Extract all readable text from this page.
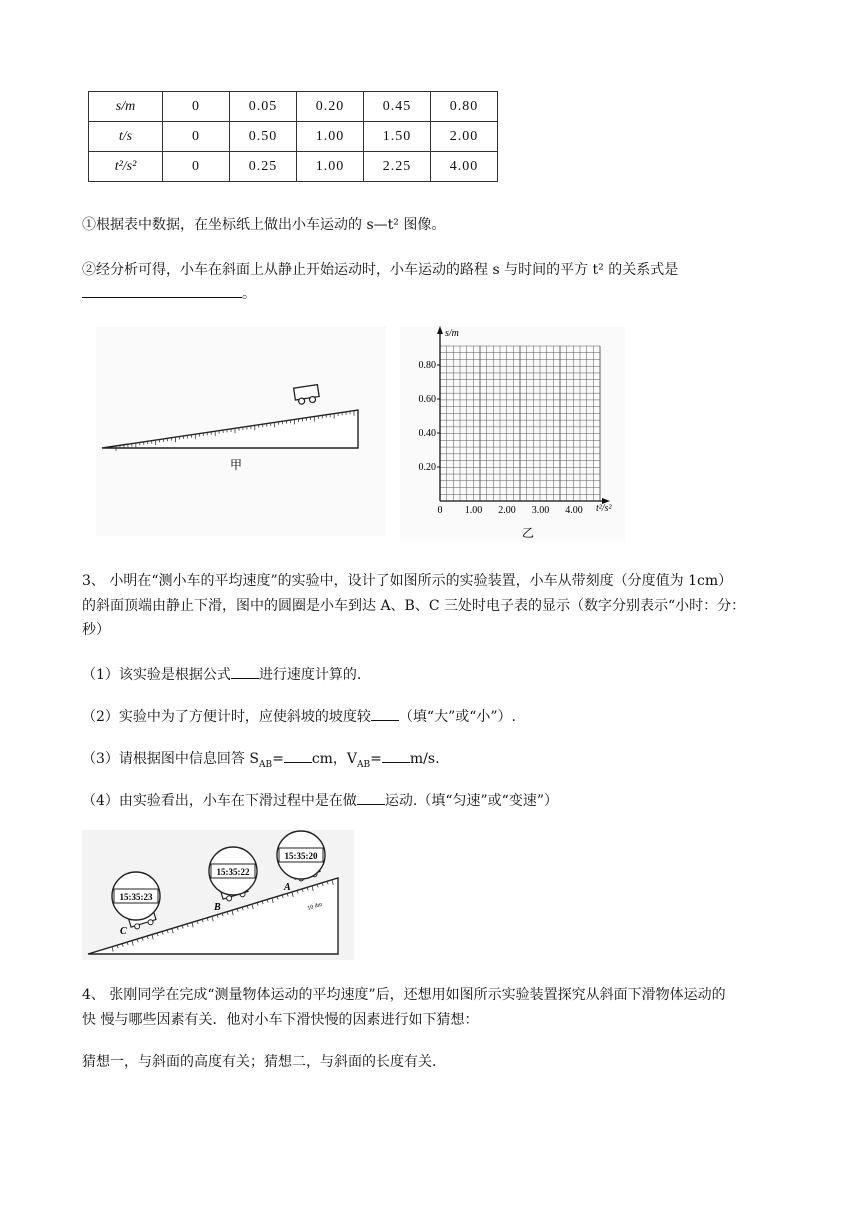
s/m	0	0.05	0.20	0.45	0.80
t/s	0	0.50	1.00	1.50	2.00
t²/s²	0	0.25	1.00	2.25	4.00
①根据表中数据，在坐标纸上做出小车运动的 s—t² 图像。
②经分析可得，小车在斜面上从静止开始运动时，小车运动的路程 s 与时间的平方 t² 的关系式是
。
甲
s/m
t²/s²
0.80
0.60
0.40
0.20
0 1.00 2.00 3.00 4.00
乙
3、 小明在“测小车的平均速度”的实验中，设计了如图所示的实验装置，小车从带刻度（分度值为 1cm）
的斜面顶端由静止下滑，图中的圆圈是小车到达 A、B、C 三处时电子表的显示（数字分别表示“小时：分：
秒）
（1）该实验是根据公式 进行速度计算的.
（2）实验中为了方便计时，应使斜坡的坡度较 （填“大”或“小”）.
（3）请根据图中信息回答 $S_{AB}=$ cm，$V_{AB}= m/s$.
（4）由实验看出，小车在下滑过程中是在做 运动.（填“匀速”或“变速”）
C
B
A
10 dm
15:35:23
15:35:22
15:35:20
4、 张刚同学在完成“测量物体运动的平均速度”后，还想用如图所示实验装置探究从斜面下滑物体运动的
快 慢与哪些因素有关．他对小车下滑快慢的因素进行如下猜想：
猜想一，与斜面的高度有关；猜想二，与斜面的长度有关．
